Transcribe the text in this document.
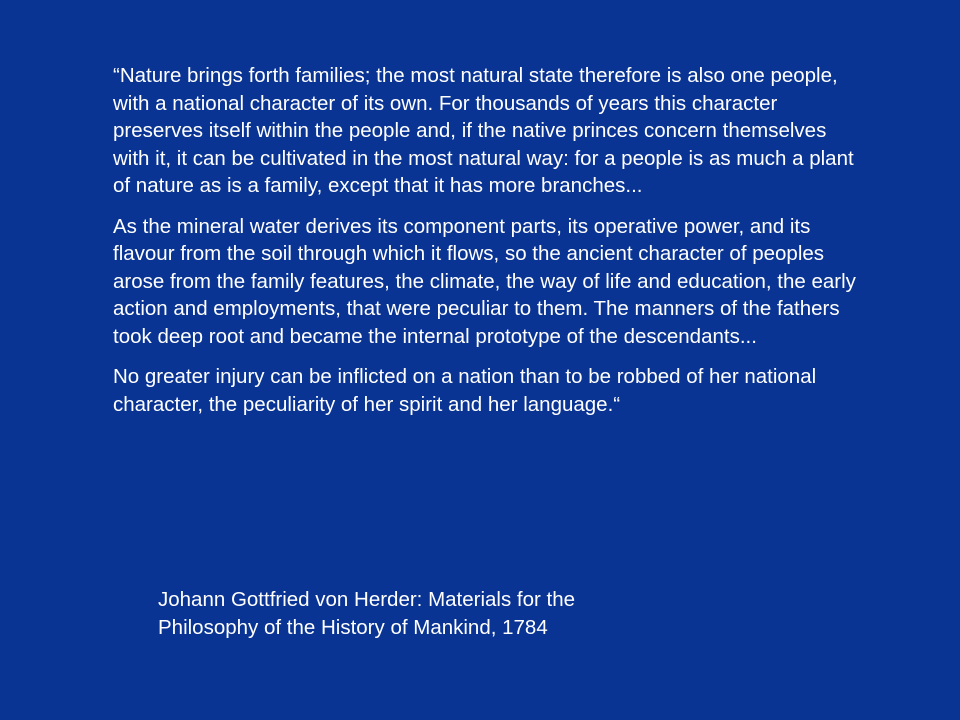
“Nature brings forth families; the most natural state therefore is also one people, with a national character of its own. For thousands of years this character preserves itself within the people and, if the native princes concern themselves with it, it can be cultivated in the most natural way: for a people is as much a plant of nature as is a family, except that it has more branches...

As the mineral water derives its component parts, its operative power, and its flavour from the soil through which it flows, so the ancient character of peoples arose from the family features, the climate, the way of life and education, the early action and employments, that were peculiar to them. The manners of the fathers took deep root and became the internal prototype of the descendants...

No greater injury can be inflicted on a nation than to be robbed of her national character, the peculiarity of her spirit and her language.“

Johann Gottfried von Herder: Materials for the
Philosophy of the History of Mankind, 1784
